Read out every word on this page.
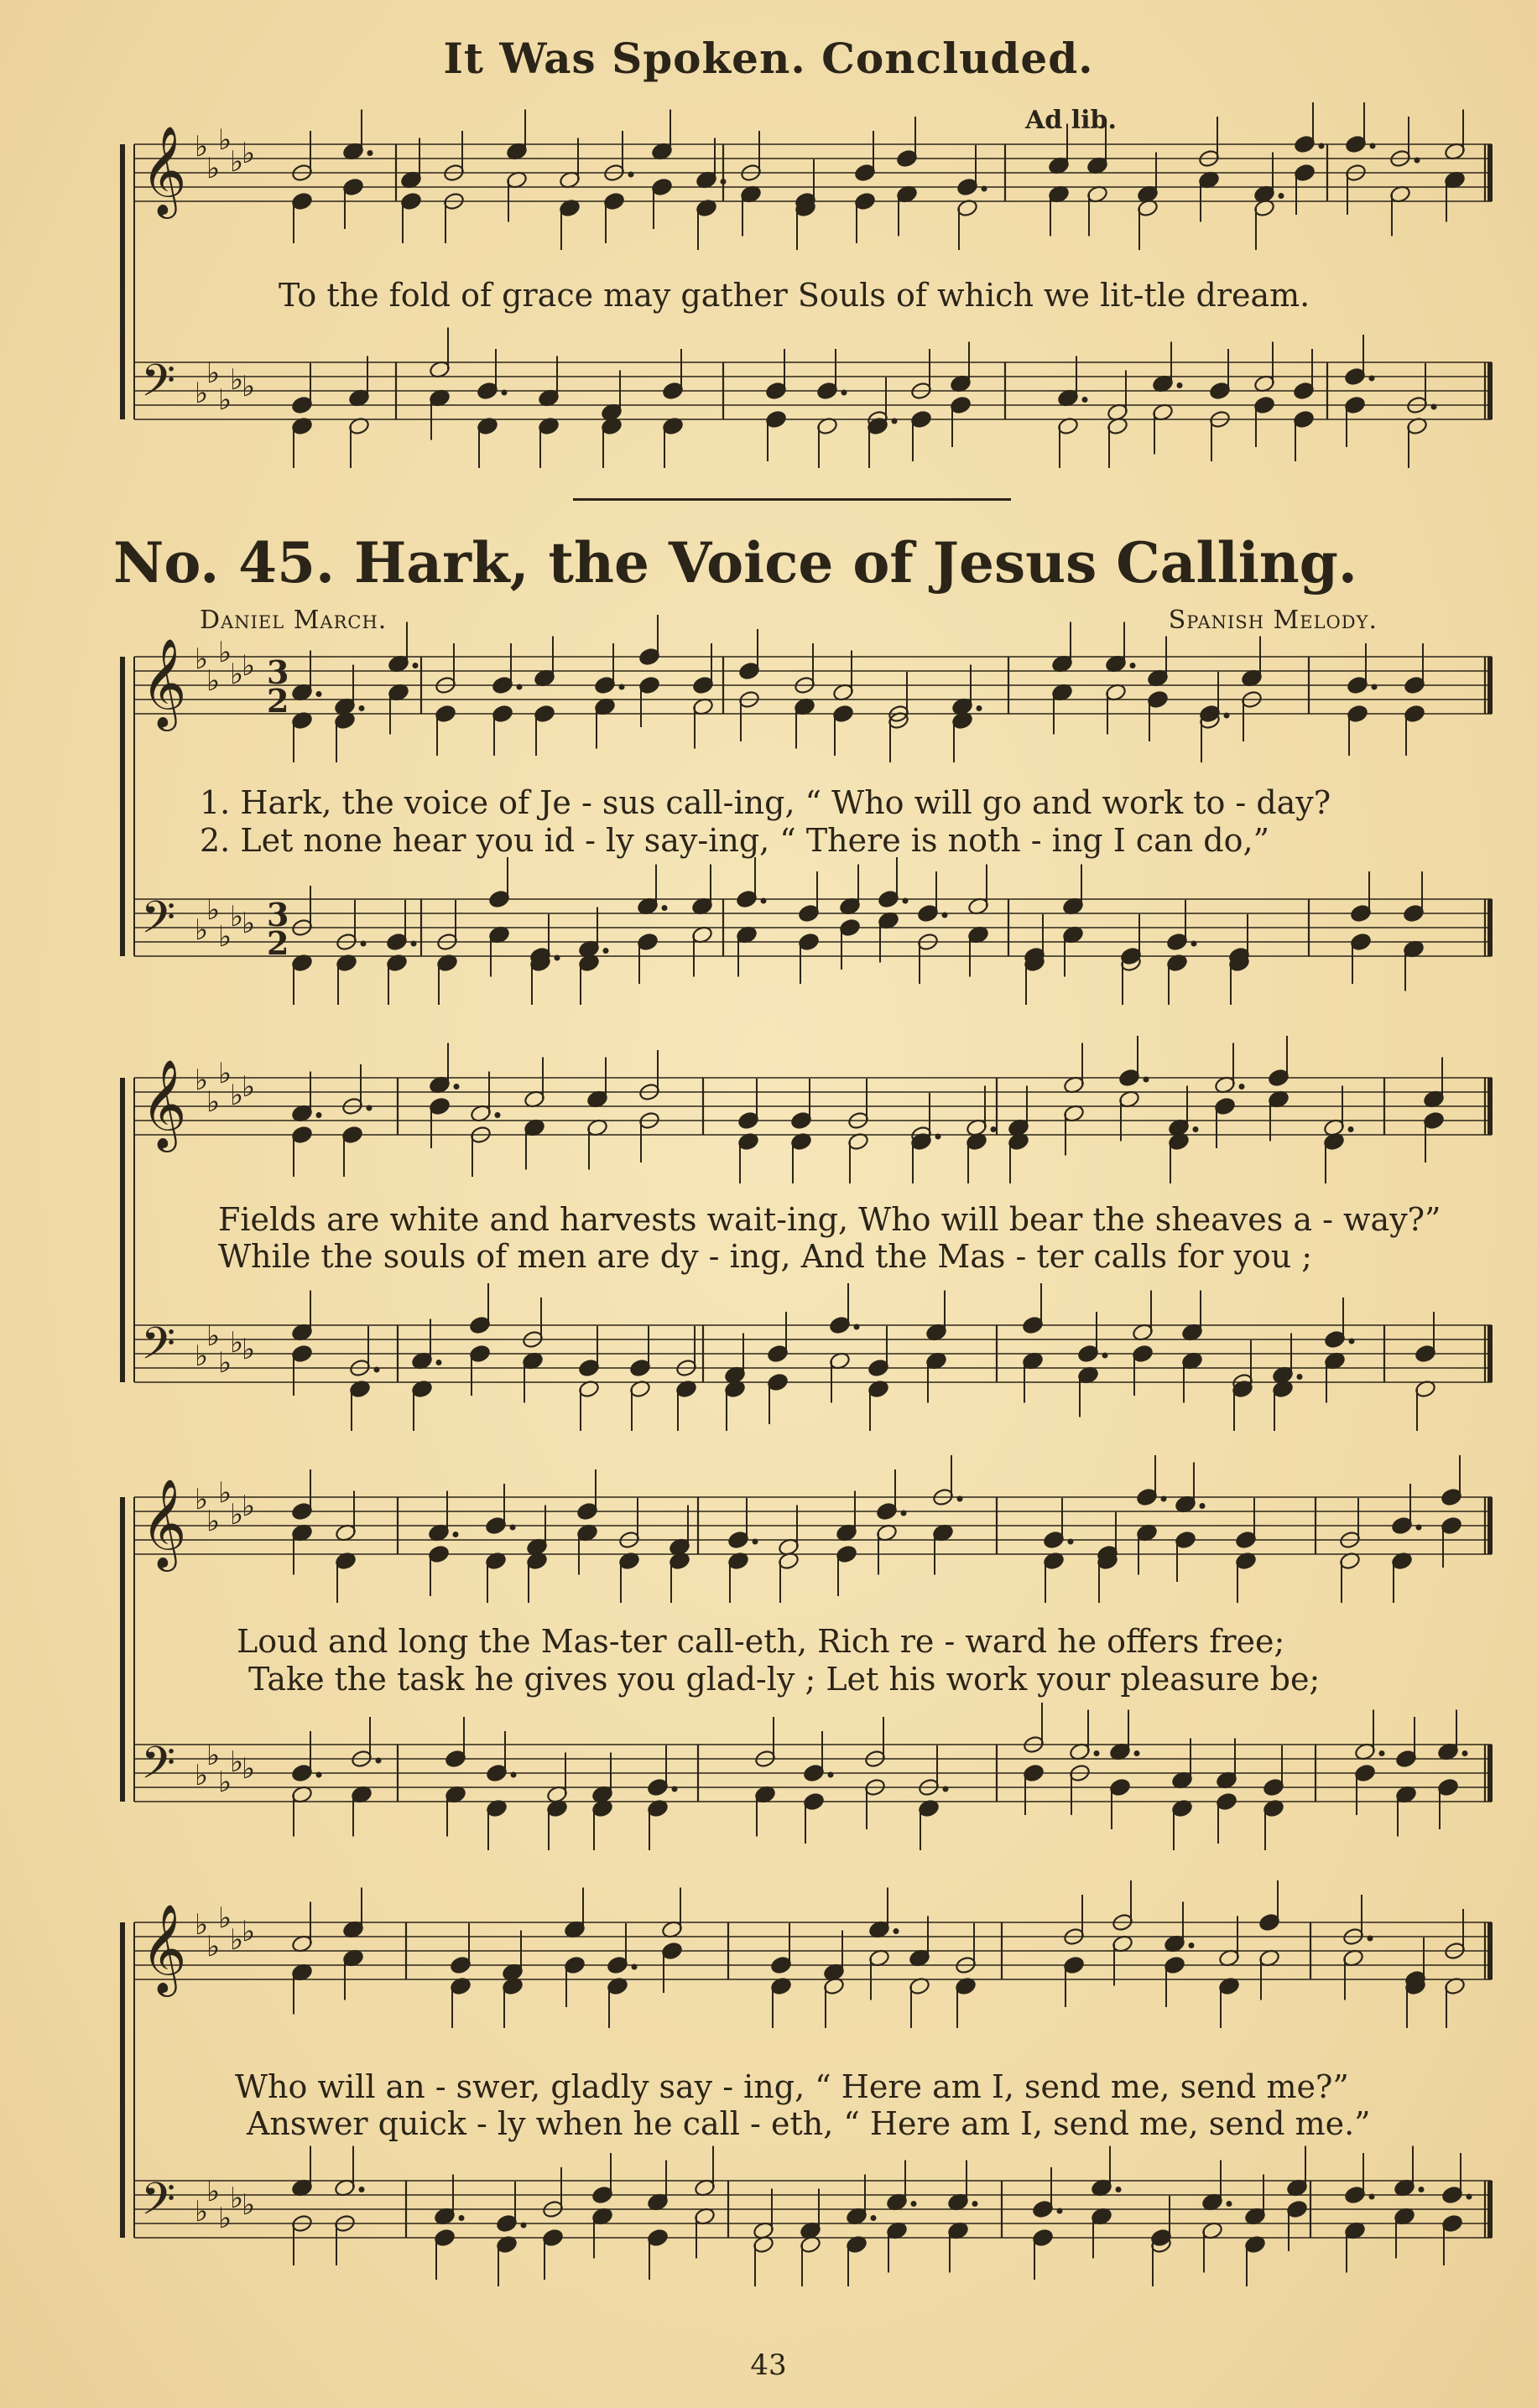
It Was Spoken. Concluded.
Ad lib.
𝄞 ♭
♭
♭
♭
♭
𝄢 ♭
♭
♭
♭
♭
𝄞 ♭
♭
♭
♭
♭
𝄢 ♭
♭
♭
♭
♭
𝄞 ♭
♭
♭
♭
♭
𝄢 ♭
♭
♭
♭
♭
𝄞 ♭
♭
♭
♭
♭
𝄢 ♭
♭
♭
♭
♭
𝄞 ♭
♭
♭
♭
♭
𝄢 ♭
♭
♭
♭
♭
3
2
3
2
To the fold of grace may gather Souls of which we lit-tle dream.
No. 45. Hark, the Voice of Jesus Calling.
Daniel March.	Spanish Melody.
1. Hark, the voice of Je - sus call-ing, “ Who will go and work to - day?
2. Let none hear you id - ly say-ing, “ There is noth - ing I can do,”
Fields are white and harvests wait-ing, Who will bear the sheaves a - way?”
While the souls of men are dy - ing, And the Mas - ter calls for you ;
Loud and long the Mas-ter call-eth, Rich re - ward he offers free;
Take the task he gives you glad-ly ; Let his work your pleasure be;
Who will an - swer, gladly say - ing, “ Here am I, send me, send me?”
Answer quick - ly when he call - eth, “ Here am I, send me, send me.”
43
